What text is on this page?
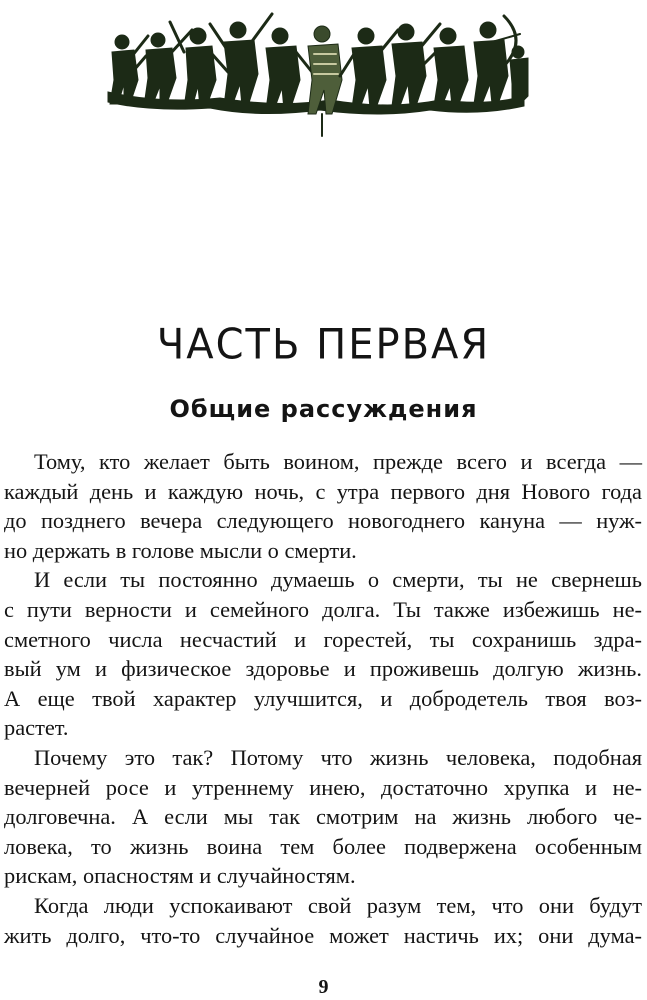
ЧАСТЬ ПЕРВАЯ
Общие рассуждения
Тому, кто желает быть воином, прежде всего и всегда —
каждый день и каждую ночь, с утра первого дня Нового года
до позднего вечера следующего новогоднего кануна — нуж-
но держать в голове мысли о смерти.
И если ты постоянно думаешь о смерти, ты не свернешь
с пути верности и семейного долга. Ты также избежишь не-
сметного числа несчастий и горестей, ты сохранишь здра-
вый ум и физическое здоровье и проживешь долгую жизнь.
А еще твой характер улучшится, и добродетель твоя воз-
растет.
Почему это так? Потому что жизнь человека, подобная
вечерней росе и утреннему инею, достаточно хрупка и не-
долговечна. А если мы так смотрим на жизнь любого че-
ловека, то жизнь воина тем более подвержена особенным
рискам, опасностям и случайностям.
Когда люди успокаивают свой разум тем, что они будут
жить долго, что-то случайное может настичь их; они дума-
9
